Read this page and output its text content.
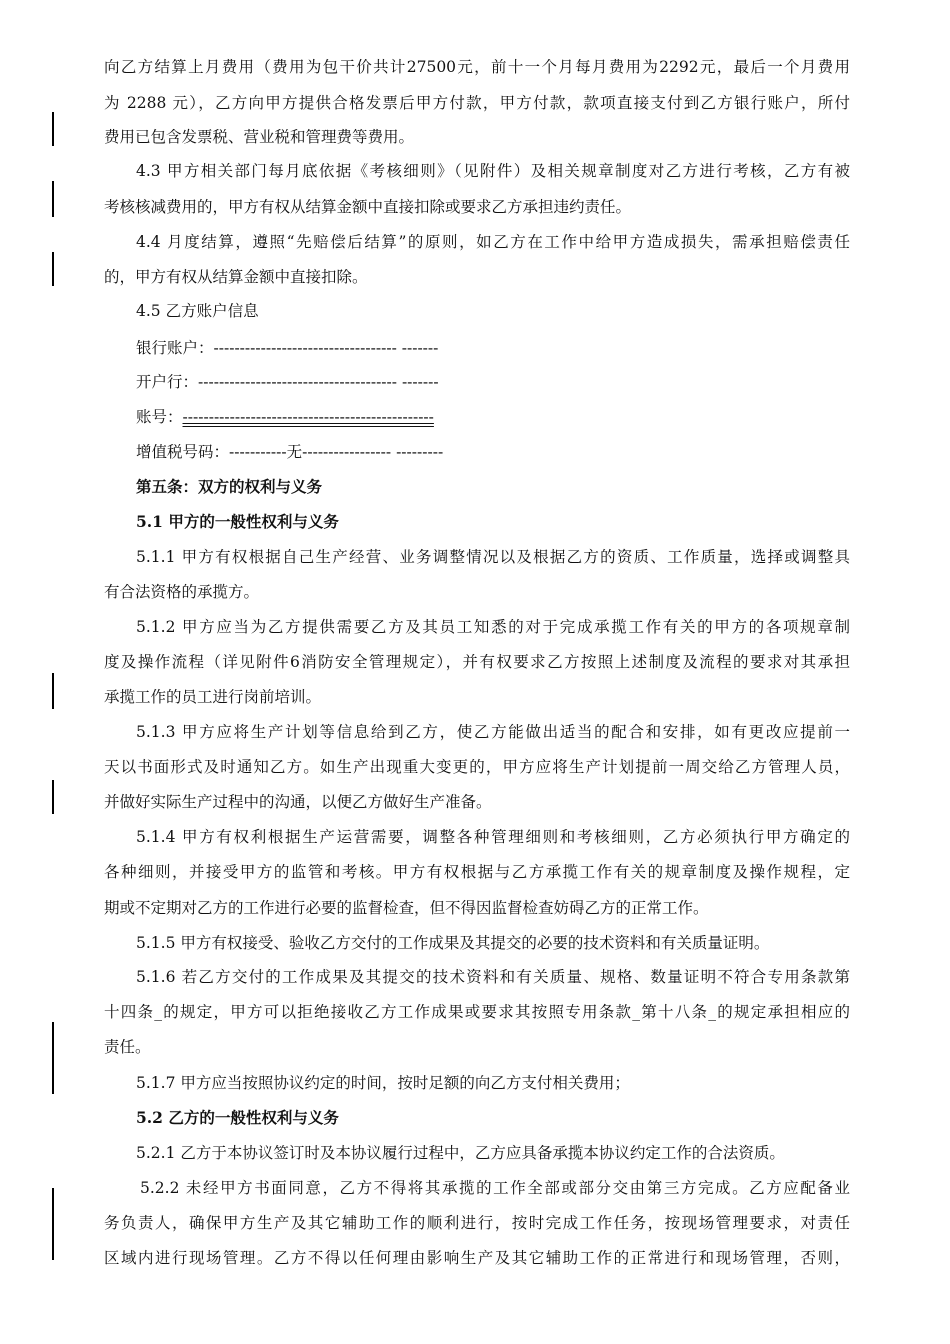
向乙方结算上月费用（费用为包干价共计27500元，前十一个月每月费用为2292元，最后一个月费用
为 2288 元），乙方向甲方提供合格发票后甲方付款，甲方付款，款项直接支付到乙方银行账户，所付
费用已包含发票税、营业税和管理费等费用。
4.3 甲方相关部门每月底依据《考核细则》（见附件）及相关规章制度对乙方进行考核，乙方有被
考核核减费用的，甲方有权从结算金额中直接扣除或要求乙方承担违约责任。
4.4 月度结算，遵照“先赔偿后结算”的原则，如乙方在工作中给甲方造成损失，需承担赔偿责任
的，甲方有权从结算金额中直接扣除。
4.5 乙方账户信息
银行账户：----------------------------------- -------
开户行：-------------------------------------- -------
账号：------------------------------------------------
增值税号码：-----------无----------------- ---------
第五条：双方的权利与义务
5.1 甲方的一般性权利与义务
5.1.1 甲方有权根据自己生产经营、业务调整情况以及根据乙方的资质、工作质量，选择或调整具
有合法资格的承揽方。
5.1.2 甲方应当为乙方提供需要乙方及其员工知悉的对于完成承揽工作有关的甲方的各项规章制
度及操作流程（详见附件6消防安全管理规定），并有权要求乙方按照上述制度及流程的要求对其承担
承揽工作的员工进行岗前培训。
5.1.3 甲方应将生产计划等信息给到乙方，使乙方能做出适当的配合和安排，如有更改应提前一
天以书面形式及时通知乙方。如生产出现重大变更的，甲方应将生产计划提前一周交给乙方管理人员，
并做好实际生产过程中的沟通，以便乙方做好生产准备。
5.1.4 甲方有权利根据生产运营需要，调整各种管理细则和考核细则，乙方必须执行甲方确定的
各种细则，并接受甲方的监管和考核。甲方有权根据与乙方承揽工作有关的规章制度及操作规程，定
期或不定期对乙方的工作进行必要的监督检查，但不得因监督检查妨碍乙方的正常工作。
5.1.5 甲方有权接受、验收乙方交付的工作成果及其提交的必要的技术资料和有关质量证明。
5.1.6 若乙方交付的工作成果及其提交的技术资料和有关质量、规格、数量证明不符合专用条款第
十四条_的规定，甲方可以拒绝接收乙方工作成果或要求其按照专用条款_第十八条_的规定承担相应的
责任。
5.1.7 甲方应当按照协议约定的时间，按时足额的向乙方支付相关费用；
5.2 乙方的一般性权利与义务
5.2.1 乙方于本协议签订时及本协议履行过程中，乙方应具备承揽本协议约定工作的合法资质。
5.2.2 未经甲方书面同意，乙方不得将其承揽的工作全部或部分交由第三方完成。乙方应配备业
务负责人，确保甲方生产及其它辅助工作的顺利进行，按时完成工作任务，按现场管理要求，对责任
区域内进行现场管理。乙方不得以任何理由影响生产及其它辅助工作的正常进行和现场管理，否则，
